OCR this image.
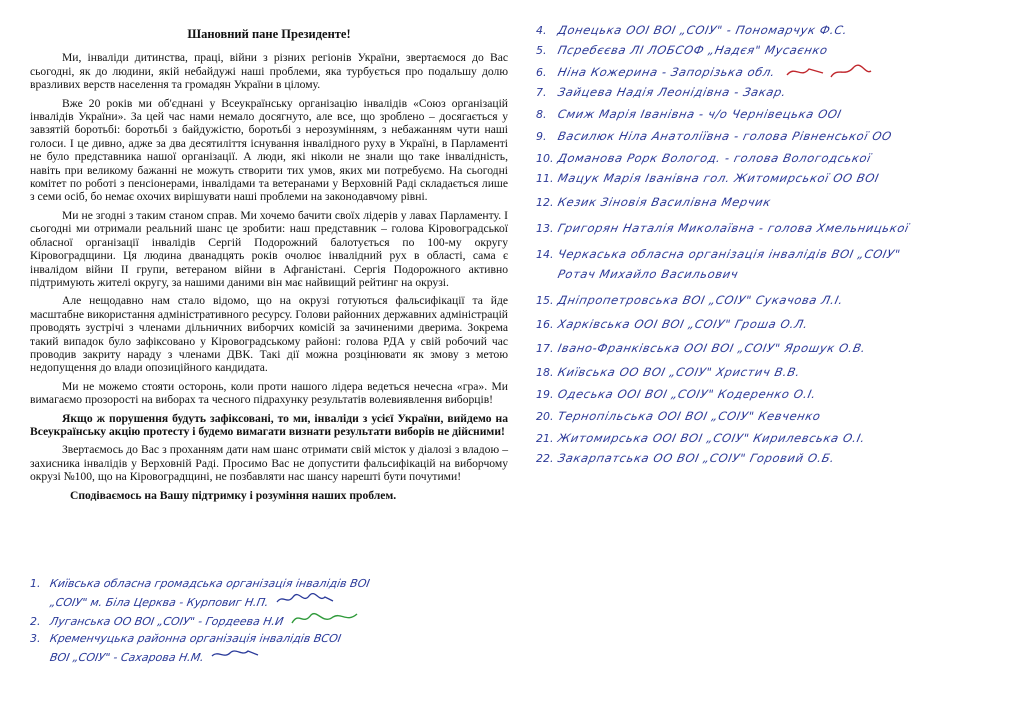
Шановний пане Президенте!

Ми, інваліди дитинства, праці, війни з різних регіонів України, звертаємося до Вас сьогодні, як до людини, якій небайдужі наші проблеми, яка турбується про подальшу долю вразливих верств населення та громадян України в цілому.

Вже 20 років ми об'єднані у Всеукраїнську організацію інвалідів «Союз організацій інвалідів України». За цей час нами немало досягнуто, але все, що зроблено – досягається у завзятій боротьбі: боротьбі з байдужістю, боротьбі з нерозумінням, з небажанням чути наші голоси. І це дивно, адже за два десятиліття існування інвалідного руху в Україні, в Парламенті не було представника нашої організації. А люди, які ніколи не знали що таке інвалідність, навіть при великому бажанні не можуть створити тих умов, яких ми потребуємо. На сьогодні комітет по роботі з пенсіонерами, інвалідами та ветеранами у Верховній Раді складається лише з семи осіб, бо немає охочих вирішувати наші проблеми на законодавчому рівні.

Ми не згодні з таким станом справ. Ми хочемо бачити своїх лідерів у лавах Парламенту. І сьогодні ми отримали реальний шанс це зробити: наш представник – голова Кіровоградської обласної організації інвалідів Сергій Подорожний балотується по 100-му округу Кіровоградщини. Ця людина дванадцять років очолює інвалідний рух в області, сама є інвалідом війни ІІ групи, ветераном війни в Афганістані. Сергія Подорожного активно підтримують жителі округу, за нашими даними він має найвищий рейтинг на окрузі.

Але нещодавно нам стало відомо, що на окрузі готуються фальсифікації та йде масштабне використання адміністративного ресурсу. Голови районних державних адміністрацій проводять зустрічі з членами дільничних виборчих комісій за зачиненими дверима. Зокрема такий випадок було зафіксовано у Кіровоградському районі: голова РДА у свій робочий час проводив закриту нараду з членами ДВК. Такі дії можна розцінювати як змову з метою недопущення до влади опозиційного кандидата.

Ми не можемо стояти осторонь, коли проти нашого лідера ведеться нечесна «гра». Ми вимагаємо прозорості на виборах та чесного підрахунку результатів волевиявлення виборців!

Якщо ж порушення будуть зафіксовані, то ми, інваліди з усієї України, вийдемо на Всеукраїнську акцію протесту і будемо вимагати визнати результати виборів не дійсними!

Звертаємось до Вас з проханням дати нам шанс отримати свій місток у діалозі з владою – захисника інвалідів у Верховній Раді. Просимо Вас не допустити фальсифікацій на виборчому окрузі №100, що на Кіровоградщині, не позбавляти нас шансу нарешті бути почутими!

Сподіваємось на Вашу підтримку і розуміння наших проблем.

1. Київська обласна громадська організація інвалідів ВОІ
„СОІУ" м. Біла Церква - Курповиг Н.П.
2. Луганська ОО ВОІ „СОІУ" - Гордеева Н.И
3. Кременчуцька районна організація інвалідів ВСОІ
ВОІ „СОІУ" - Сахарова Н.М.
4. Донецька ООІ ВОІ „СОІУ" - Пономарчук Ф.С.
5. Псребєєва ЛІ ЛОБСОФ „Надєя" Мусаєнко
6. Ніна Кожерина - Запорізька обл.
7. Зайцева Надія Леонідівна - Закар.
8. Смиж Марія Іванівна - ч/о Чернівецька ООІ
9. Василюк Ніла Анатоліївна - голова Рівненської ОО
10. Доманова Рорк Вологод. - голова Вологодської
11. Мацук Марія Іванівна гол. Житомирської ОО ВОІ
12. Кезик Зіновія Василівна Мерчик
13. Григорян Наталія Миколаївна - голова Хмельницької
14. Черкаська обласна організація інвалідів ВОІ „СОІУ"
Ротач Михайло Васильович
15. Дніпропетровська ВОІ „СОІУ" Сукачова Л.І.
16. Харківська ООІ ВОІ „СОІУ" Гроша О.Л.
17. Івано-Франківська ООІ ВОІ „СОІУ" Ярошук О.В.
18. Київська ОО ВОІ „СОІУ" Христич В.В.
19. Одеська ООІ ВОІ „СОІУ" Кодеренко О.І.
20. Тернопільська ООІ ВОІ „СОІУ" Кевченко
21. Житомирська ООІ ВОІ „СОІУ" Кирилевська О.І.
22. Закарпатська ОО ВОІ „СОІУ" Горовий О.Б.
